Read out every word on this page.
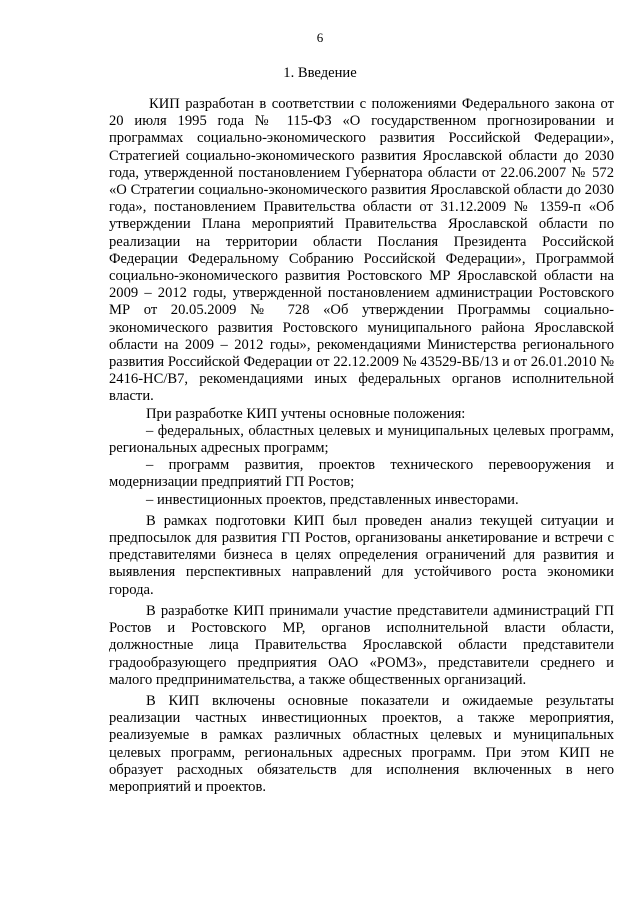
6
1. Введение

КИП разработан в соответствии с положениями Федерального закона от 20 июля 1995 года № 115-ФЗ «О государственном прогнозировании и программах социально-экономического развития Российской Федерации», Стратегией социально-экономического развития Ярославской области до 2030 года, утвержденной постановлением Губернатора области от 22.06.2007 № 572 «О Стратегии социально-экономического развития Ярославской области до 2030 года», постановлением Правительства области от 31.12.2009 № 1359-п «Об утверждении Плана мероприятий Правительства Ярославской области по реализации на территории области Послания Президента Российской Федерации Федеральному Собранию Российской Федерации», Программой социально-экономического развития Ростовского МР Ярославской области на 2009 – 2012 годы, утвержденной постановлением администрации Ростовского МР от 20.05.2009 № 728 «Об утверждении Программы социально-экономического развития Ростовского муниципального района Ярославской области на 2009 – 2012 годы», рекомендациями Министерства регионального развития Российской Федерации от 22.12.2009 № 43529-ВБ/13 и от 26.01.2010 № 2416-НС/В7, рекомендациями иных федеральных органов исполнительной власти.

При разработке КИП учтены основные положения:

– федеральных, областных целевых и муниципальных целевых программ, региональных адресных программ;

– программ развития, проектов технического перевооружения и модернизации предприятий ГП Ростов;

– инвестиционных проектов, представленных инвесторами.

В рамках подготовки КИП был проведен анализ текущей ситуации и предпосылок для развития ГП Ростов, организованы анкетирование и встречи с представителями бизнеса в целях определения ограничений для развития и выявления перспективных направлений для устойчивого роста экономики города.

В разработке КИП принимали участие представители администраций ГП Ростов и Ростовского МР, органов исполнительной власти области, должностные лица Правительства Ярославской области представители градообразующего предприятия ОАО «РОМЗ», представители среднего и малого предпринимательства, а также общественных организаций.

В КИП включены основные показатели и ожидаемые результаты реализации частных инвестиционных проектов, а также мероприятия, реализуемые в рамках различных областных целевых и муниципальных целевых программ, региональных адресных программ. При этом КИП не образует расходных обязательств для исполнения включенных в него мероприятий и проектов.
